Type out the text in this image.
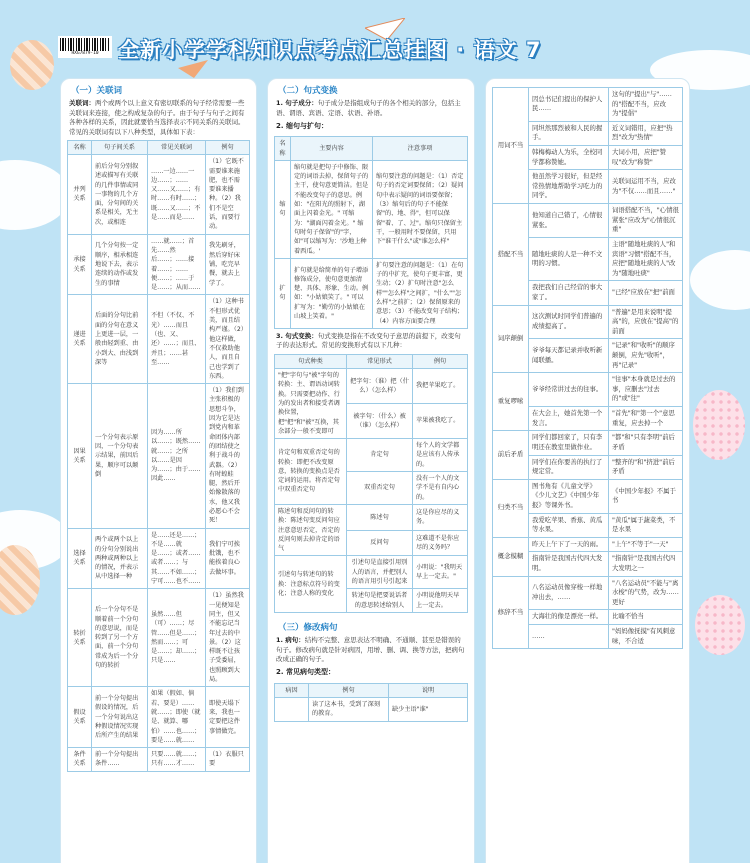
HXG7879-10 全新小学学科知识点考点汇总挂图 · 语文 7
（一）关联词
关联词：两个或两个以上意义有密切联系的句子经常需要一些关联词来连接，使之构成复杂的句子。由于句子与句子之间有各种各样的关系，因此就要恰当选择表示不同关系的关联词。常见的关联词有以下八种类型，具体如下表：
名称	句子间关系	常见关联词	例句
并列关系	前后分句分别叙述或描写有关联的几件事情或同一事物的几个方面，分句间的关系是相关，无主次，或相连	……一边……一边……；……又……又……；有时……有时……；既……又……；不是……而是……	（1）它既不需要谁来施肥，也不需要谁来播种。（2）我们不是空话，而要行动。
承接关系	几个分句按一定顺序，相承相连地说下去，表示连续的动作或发生的事情	……就……；首先……然后……；……接着……；……便……；……于是……；从而……	我先刷牙，然后穿好床铺，吃完早餐，就去上学了。
递进关系	后面的分句比前面的分句在意义上更进一层，一般由轻到重、由小到大、由浅到深等	不但（不仅、不光）……而且（也、又、还）……；而且、并且；……甚至……	（1）这种书不但形式优美，而且结构严谨。（2）他这样做，不仅救助他人，而且自己也学到了东西。
因果关系	一个分句表示原因，一个分句表示结果，前因后果，顺序可以颠倒	因为……所以……；既然……就……；之所以……是因为……；由于……因此……	（1）我们到主张积极的思想斗争，因为它是达到党内和革命团体内部的团结使之利于战斗的武器。（2）有时蝗蛙腿，然后开始像散落的水，他又我必愿心不会死！
选择关系	两个或两个以上的分句分别说出两种或两种以上的情况，并表示从中选择一种	是……还是……；不是……就是……；或者……或者……；与其……不如……；宁可……也不……	我们宁可挨批饿，也不能挨着良心去做坏事。
转折关系	后一个分句不是顺着前一个分句的意思说，而是转到了另一个方面，前一个分句常成为后一个分句的转折	虽然……但（可）……；尽管……但是……；然而……；可是……；却……；只是……	（1）虽然我一见便知是同主，但又不能忘记当年过去的中景。（2）这样既不让孩子受委屈，也照顾到大局。
假设关系	前一个分句提出假设的情况，后一个分句说出这种假设情况实现后所产生的结果	如果（假如、倘若、要是）……就……；即使（就是、就算、哪怕）……也……；要是……就……	即使天塌下来，我也一定要把这件事情做完。
条件关系	前一个分句提出条件……	只要……就……；只有……才……	（1）衣服只要
（二）句式变换
1. 句子成分：句子成分是指组成句子的各个相关的部分，包括主语、谓语、宾语、定语、状语、补语。
2. 缩句与扩句：
名称	主要内容	注意事项
缩句	缩句就是把句子中修饰、限定的词语去掉，保留句子的主干，使句意更简洁。但是不能改变句子的意思。例如："在阳光的照射下，湖面上闪着金光。" 可缩为："湖面闪着金光。" 缩句时句子保留"的"字，如"可以缩写为：'沙地上种着西瓜。'	缩句要注意的问题是：（1）否定句子的否定词要保留；（2）疑问句中表示疑问的词语要保留；（3）缩句后的句子不能保留"的、地、得"，但可以保留"着、了、过"。缩句只保留主干，一般用时不要保留，只用下"谁干什么"或"谁怎么样"
扩句	扩句就是给简单的句子增添修饰成分，使句意更加清楚、具体、形象、生动。例如："小姑娘笑了。" 可以扩写为："勤劳的小姑娘在山坡上笑着。"	扩句要注意的问题是：（1）在句子的中扩充，使句子更丰富，更生动；（2）扩句时注意"怎么样""怎么样"之间扩，"什么""怎么样"之前扩；（2）保留原来的意思；（3）不能改变句子结构；（4）内容方面要合理
3. 句式变换：句式变换是指在不改变句子意思的前提下，改变句子的表达形式。常见的变换形式有以下几种：
句式种类	常见形式	例句
"把"字句与"被"字句的转换：主、谓语动词转换。只需要把动作、行为的发出者和接受者调换位置，把"把"和"被"互换，其余部分一般不变即可	把字句：（谁）把（什么）（怎么样）	我把苹果吃了。
	被字句：（什么）被（谁）（怎么样）	苹果被我吃了。
肯定句和双重否定句的转换：即把不改变原意，转换的变换点是否定词的运用。将否定句中双重否定句	肯定句	每个人的文学都是应该有人传承的。
	双重否定句	没有一个人的文学不是有自内心的。
陈述句和反问句的转换：陈述句变反问句应注意意思否定，否定的反问句则去掉肯定的语气	陈述句	这是你应尽的义务。
	反问句	这难道不是你应尽的义务吗？
引述句与转述句的转换：注意标点符号的变化；注意人称的变化	引述句是直接引用别人的语言，并把别人的语言用引号引起来	小明说："我明天早上一定去。"
	转述句是把要说话者的意思转述给别人	小明说他明天早上一定去。
（三）修改病句
1. 病句：结构不完整、意思表达不明确、不通顺、甚至是错误的句子。修改病句就是针对病因，用增、删、调、换等方法，把病句改成正确的句子。
2. 常见病句类型：
病因	例句	说明
	读了这本书，受到了深刻的教育。	缺少主语"谁"
用词不当	因总书记们提出的保护人民……	这句的"提出"与"……的"搭配不当，应改为"提倡"
	同坦然那烈被和人民的握手。	近义词错用，应把"热烈"改为"热情"
	韩梅梅动人为乐，全校同学都称赞她。	大词小用，应把"赞叹"改为"称赞"
	他虽然学习很好，但是经常热情地帮助学习吃力的同学。	关联词运用不当，应改为"不仅……而且……"
搭配不当	他知道自己错了，心情很紧张。	词语搭配不当，"心情很紧张"应改为"心情很沉重"
	随地吐痰的人是一种不文明的习惯。	主语"随地吐痰的人"和宾语"习惯"搭配不当，应把"随地吐痰的人"改为"随地吐痰"
	我把我们自己经营的事大家了。	"已经"应放在"把"前面
词序颠倒	这次测试时同学们普遍的成绩提高了。	"普遍"是用来说明"提高"的，应放在"提高"的前面
	爷爷每天都记录并收听新闻联播。	"记录"和"收听"的顺序颠倒，应先"收听"，再"记录"
重复啰嗦	爷爷经常讲过去的往事。	"往事"本身就是过去的事，应删去"过去的"或"往"
	在大会上，她首先第一个发言。	"首先"和"第一个"意思重复，应去掉一个
前后矛盾	同学们都回家了，只有李明还在教室里做作业。	"都"和"只有李明"前后矛盾
	同学们在你要善的执行了规定常。	"整齐的"和"挤进"前后矛盾
归类不当	图书角有《儿童文学》《少儿文艺》《中国少年报》等课外书。	《中国少年报》不属于书
	我爱吃苹果、香蕉、黄瓜等水果。	"黄瓜"属于蔬菜类，不是水果
概念模糊	昨天上午下了一天的雨。	"上午"不等于"一天"
	指南针是我国古代四大发明。	"指南针"是我国古代四大发明之一
修辞不当	八名运动员像穿梭一样地冲出去，……	"八名运动员"不能与"离水梭"的气势，改为……更好
	大海壮的像是漂亮一样。	比喻不恰当
	……	"妈妈像抚摸"有风刺意味，不合适
